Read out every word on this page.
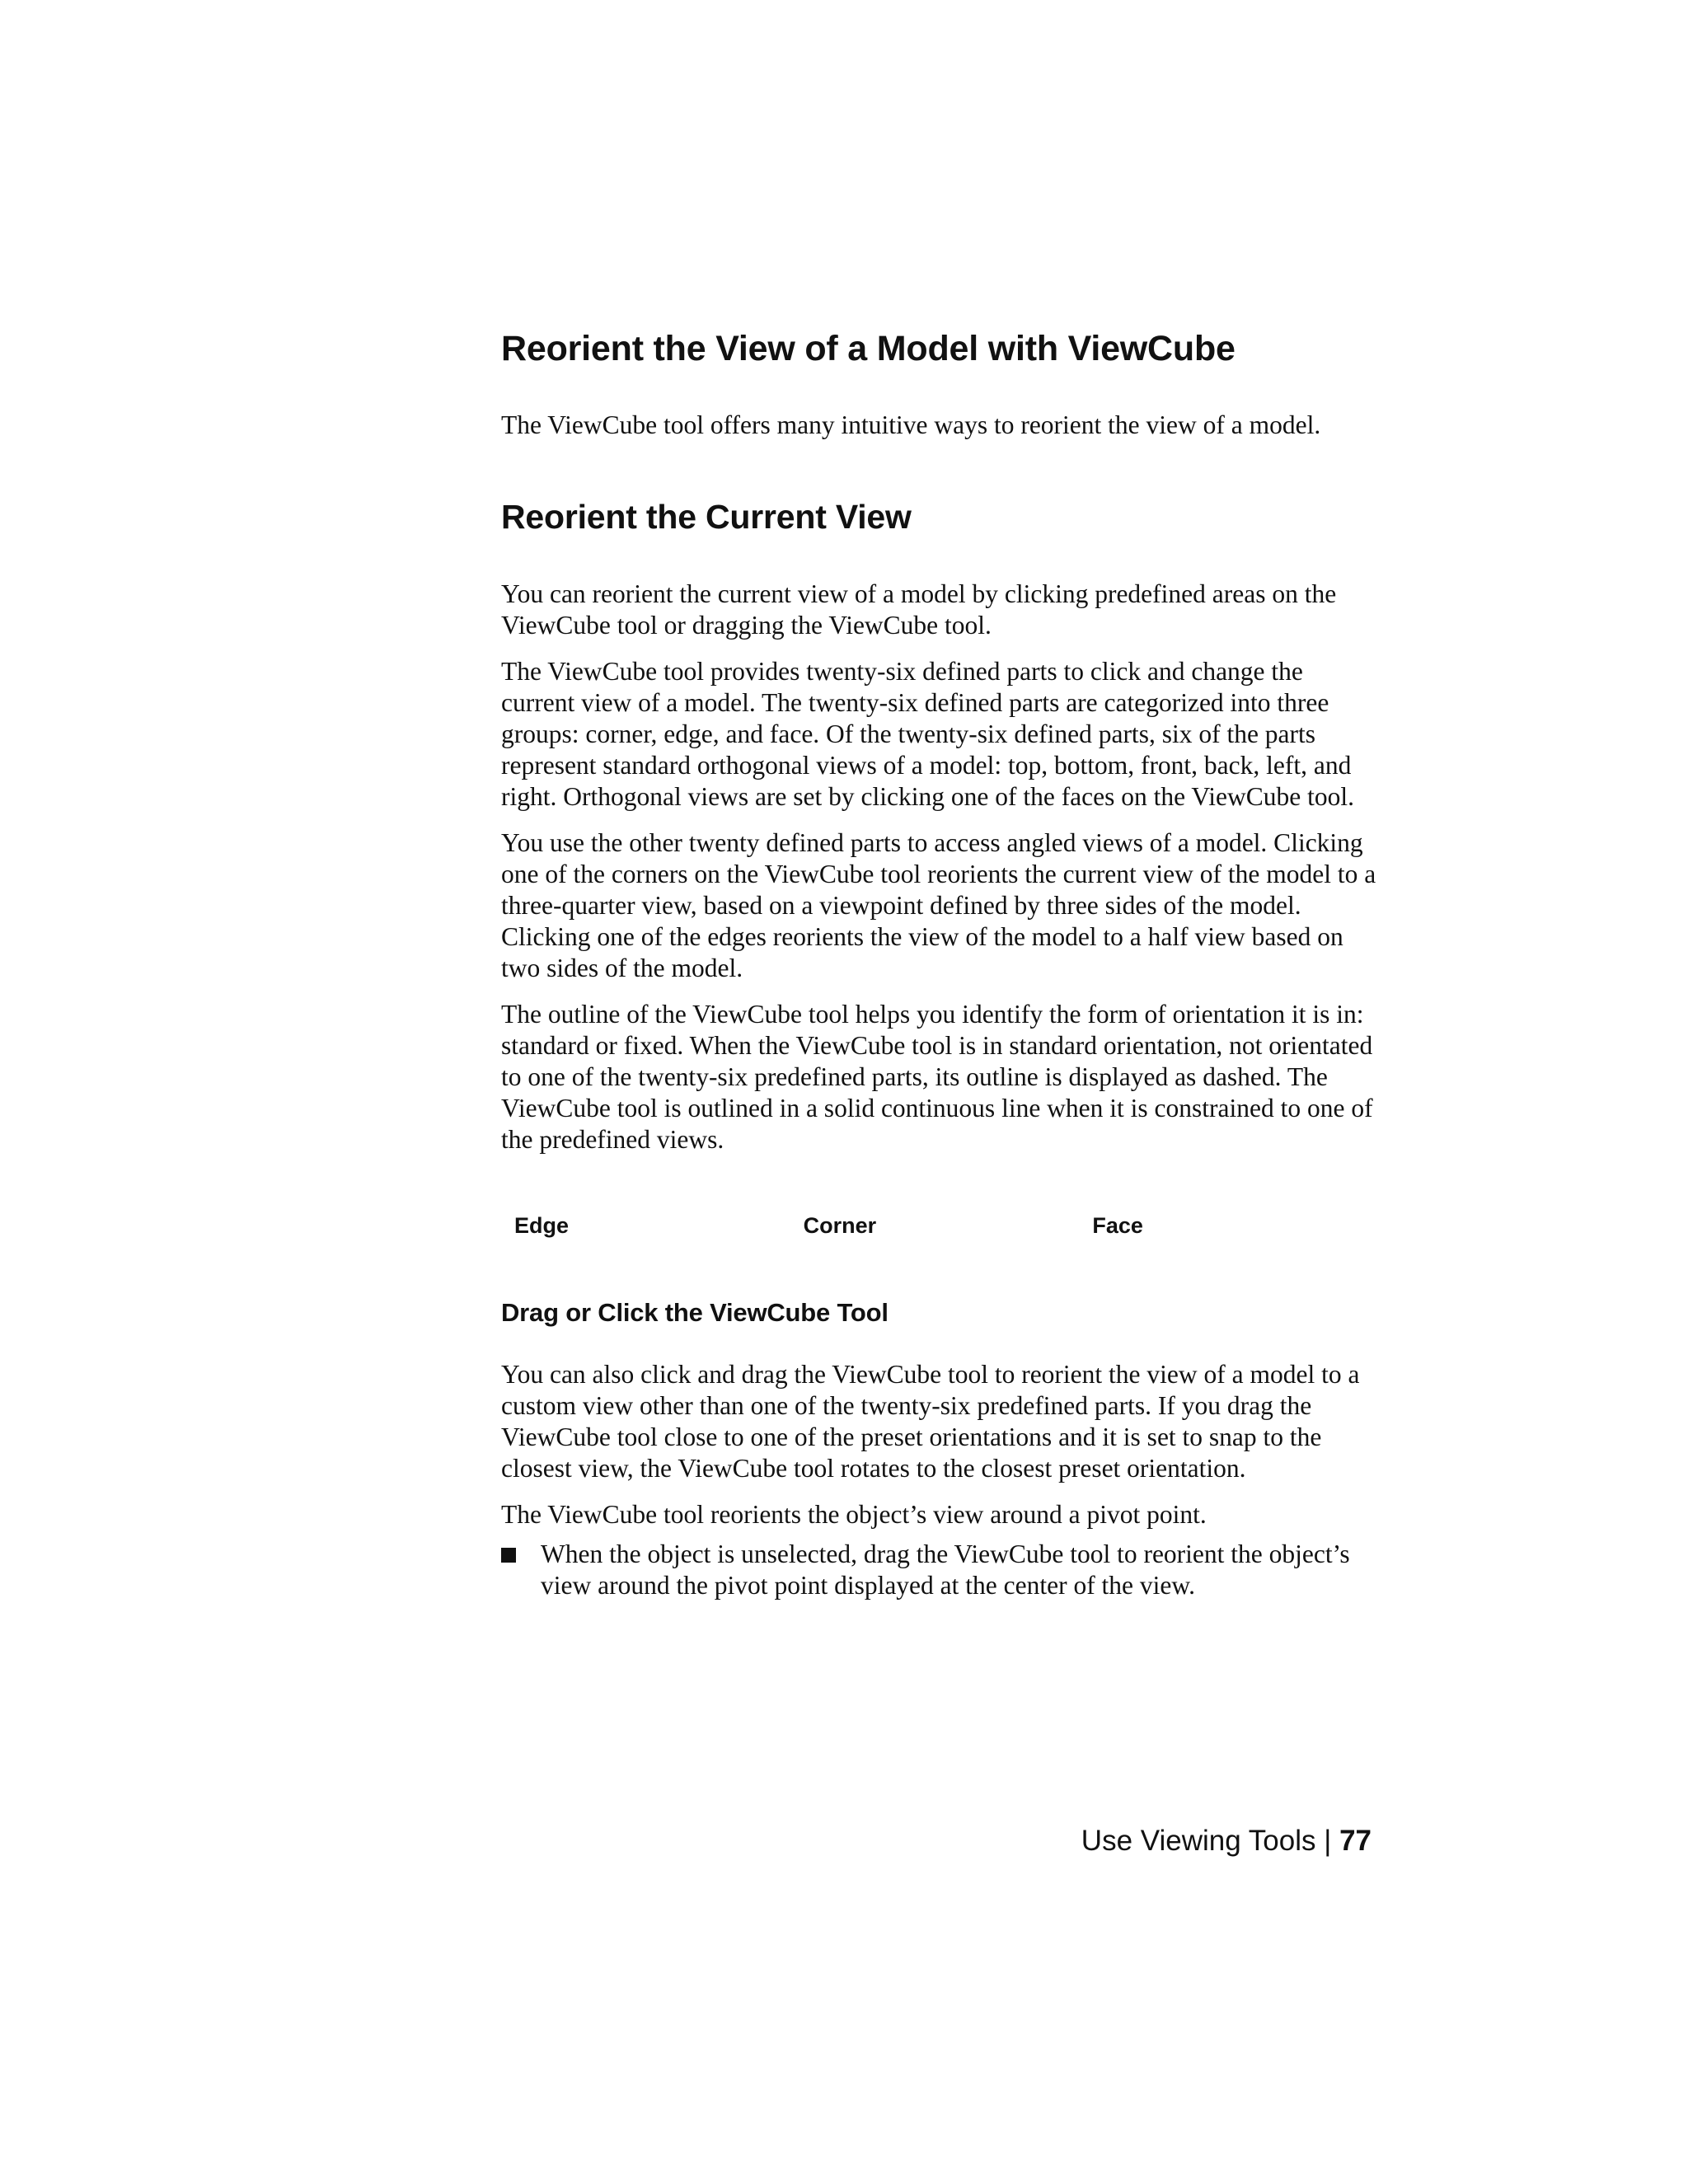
Reorient the View of a Model with ViewCube

The ViewCube tool offers many intuitive ways to reorient the view of a model.

Reorient the Current View

You can reorient the current view of a model by clicking predefined areas on the ViewCube tool or dragging the ViewCube tool.

The ViewCube tool provides twenty-six defined parts to click and change the current view of a model. The twenty-six defined parts are categorized into three groups: corner, edge, and face. Of the twenty-six defined parts, six of the parts represent standard orthogonal views of a model: top, bottom, front, back, left, and right. Orthogonal views are set by clicking one of the faces on the ViewCube tool.

You use the other twenty defined parts to access angled views of a model. Clicking one of the corners on the ViewCube tool reorients the current view of the model to a three-quarter view, based on a viewpoint defined by three sides of the model. Clicking one of the edges reorients the view of the model to a half view based on two sides of the model.

The outline of the ViewCube tool helps you identify the form of orientation it is in: standard or fixed. When the ViewCube tool is in standard orientation, not orientated to one of the twenty-six predefined parts, its outline is displayed as dashed. The ViewCube tool is outlined in a solid continuous line when it is constrained to one of the predefined views.

Edge	Corner	Face
Drag or Click the ViewCube Tool

You can also click and drag the ViewCube tool to reorient the view of a model to a custom view other than one of the twenty-six predefined parts. If you drag the ViewCube tool close to one of the preset orientations and it is set to snap to the closest view, the ViewCube tool rotates to the closest preset orientation.

The ViewCube tool reorients the object’s view around a pivot point.

When the object is unselected, drag the ViewCube tool to reorient the object’s view around the pivot point displayed at the center of the view.

Use Viewing Tools | 77
